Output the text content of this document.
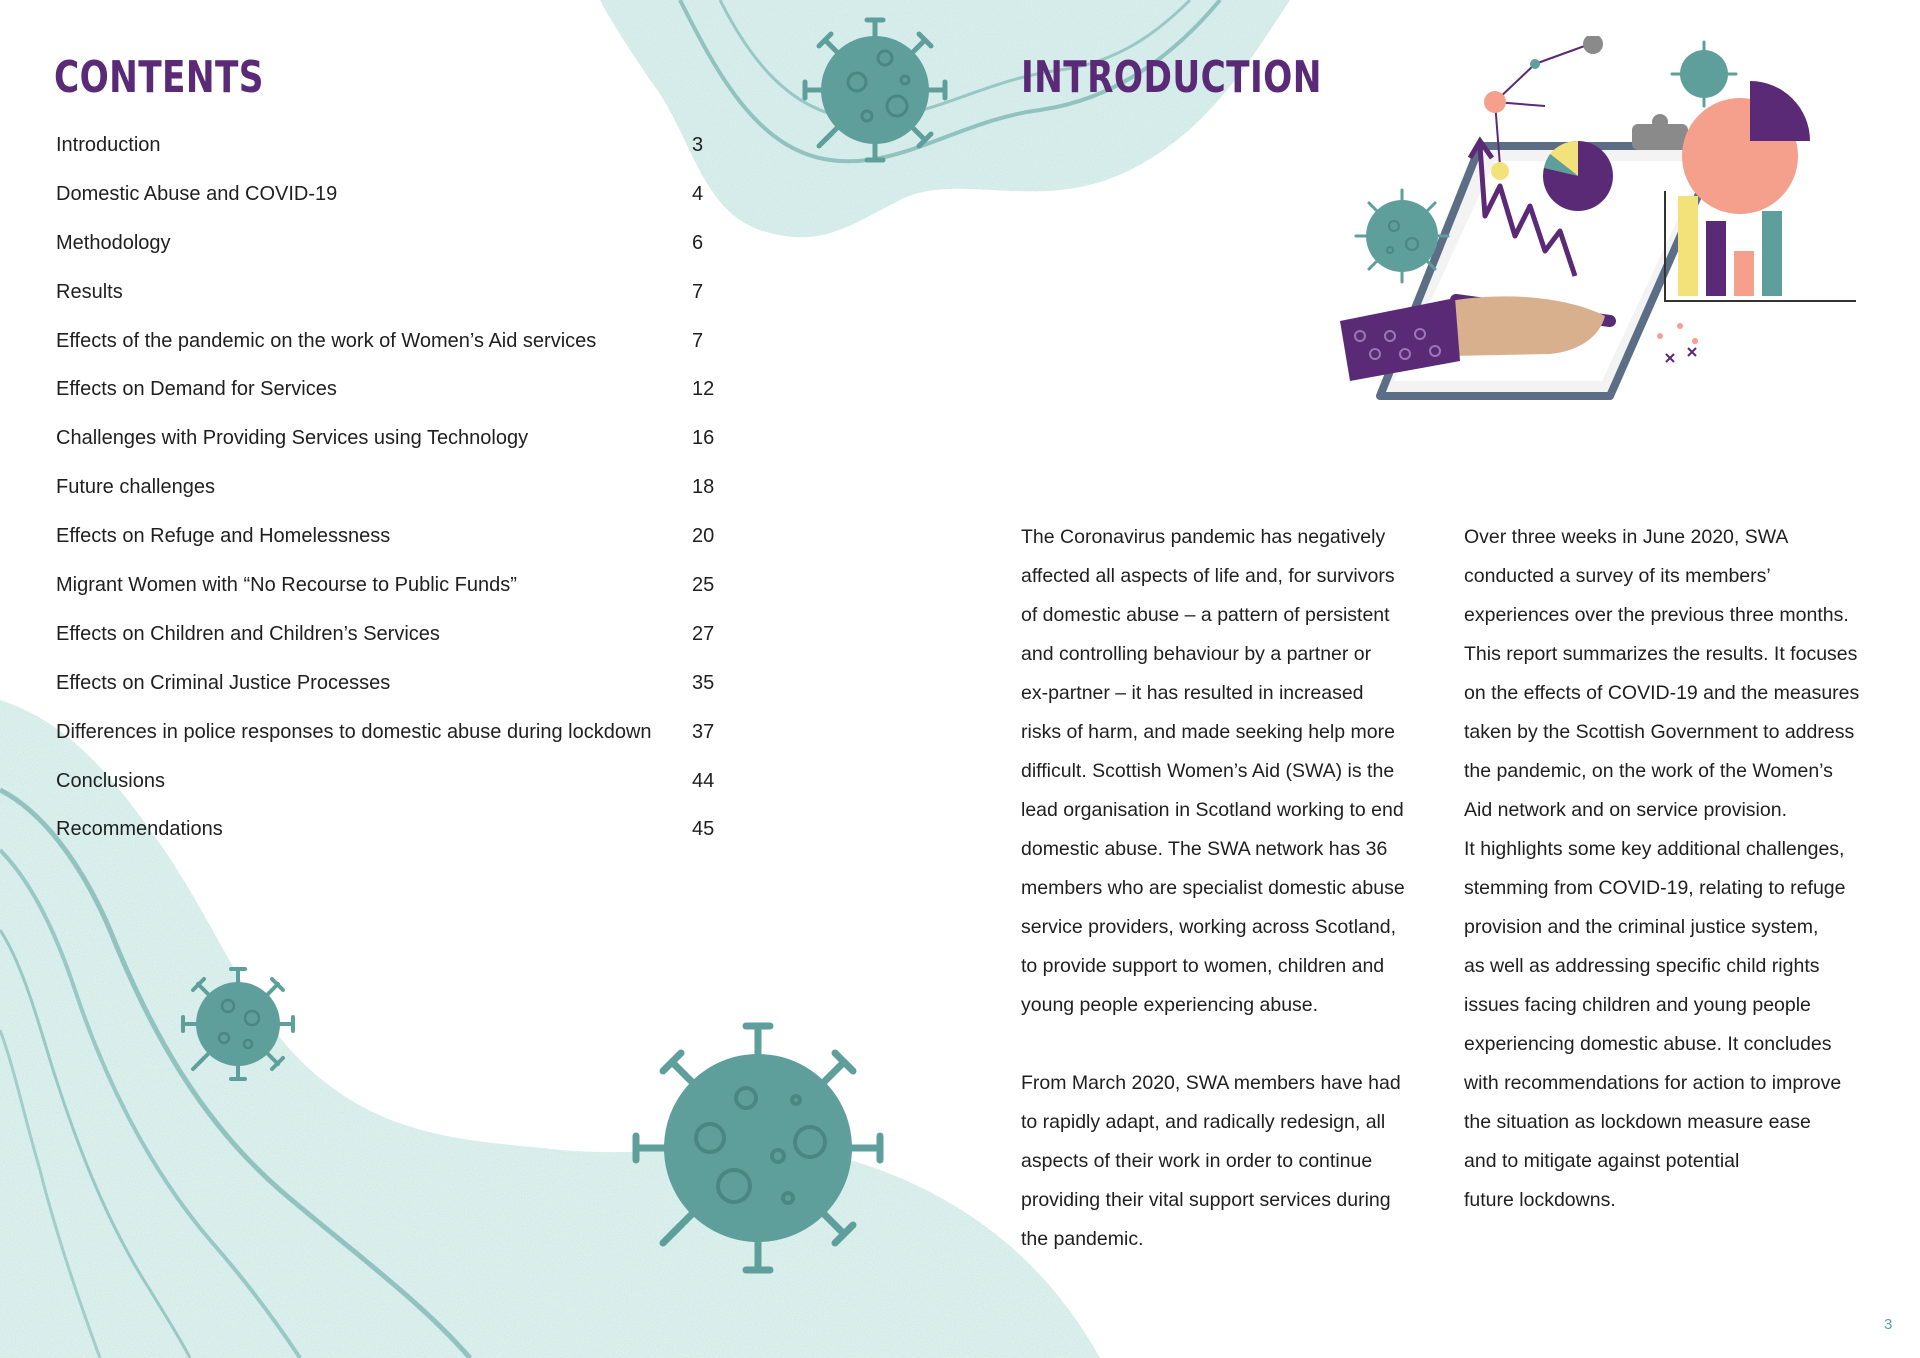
CONTENTS
Introduction	3
Domestic Abuse and COVID-19	4
Methodology	6
Results	7
Effects of the pandemic on the work of Women’s Aid services	7
Effects on Demand for Services	12
Challenges with Providing Services using Technology	16
Future challenges	18
Effects on Refuge and Homelessness	20
Migrant Women with “No Recourse to Public Funds”	25
Effects on Children and Children’s Services	27
Effects on Criminal Justice Processes	35
Differences in police responses to domestic abuse during lockdown	37
Conclusions	44
Recommendations	45
INTRODUCTION
The Coronavirus pandemic has negatively
affected all aspects of life and, for survivors
of domestic abuse – a pattern of persistent
and controlling behaviour by a partner or
ex-partner – it has resulted in increased
risks of harm, and made seeking help more
difficult. Scottish Women’s Aid (SWA) is the
lead organisation in Scotland working to end
domestic abuse. The SWA network has 36
members who are specialist domestic abuse
service providers, working across Scotland,
to provide support to women, children and
young people experiencing abuse.
From March 2020, SWA members have had
to rapidly adapt, and radically redesign, all
aspects of their work in order to continue
providing their vital support services during
the pandemic.
Over three weeks in June 2020, SWA
conducted a survey of its members’
experiences over the previous three months.
This report summarizes the results. It focuses
on the effects of COVID-19 and the measures
taken by the Scottish Government to address
the pandemic, on the work of the Women’s
Aid network and on service provision.
It highlights some key additional challenges,
stemming from COVID-19, relating to refuge
provision and the criminal justice system,
as well as addressing specific child rights
issues facing children and young people
experiencing domestic abuse. It concludes
with recommendations for action to improve
the situation as lockdown measure ease
and to mitigate against potential
future lockdowns.
3
